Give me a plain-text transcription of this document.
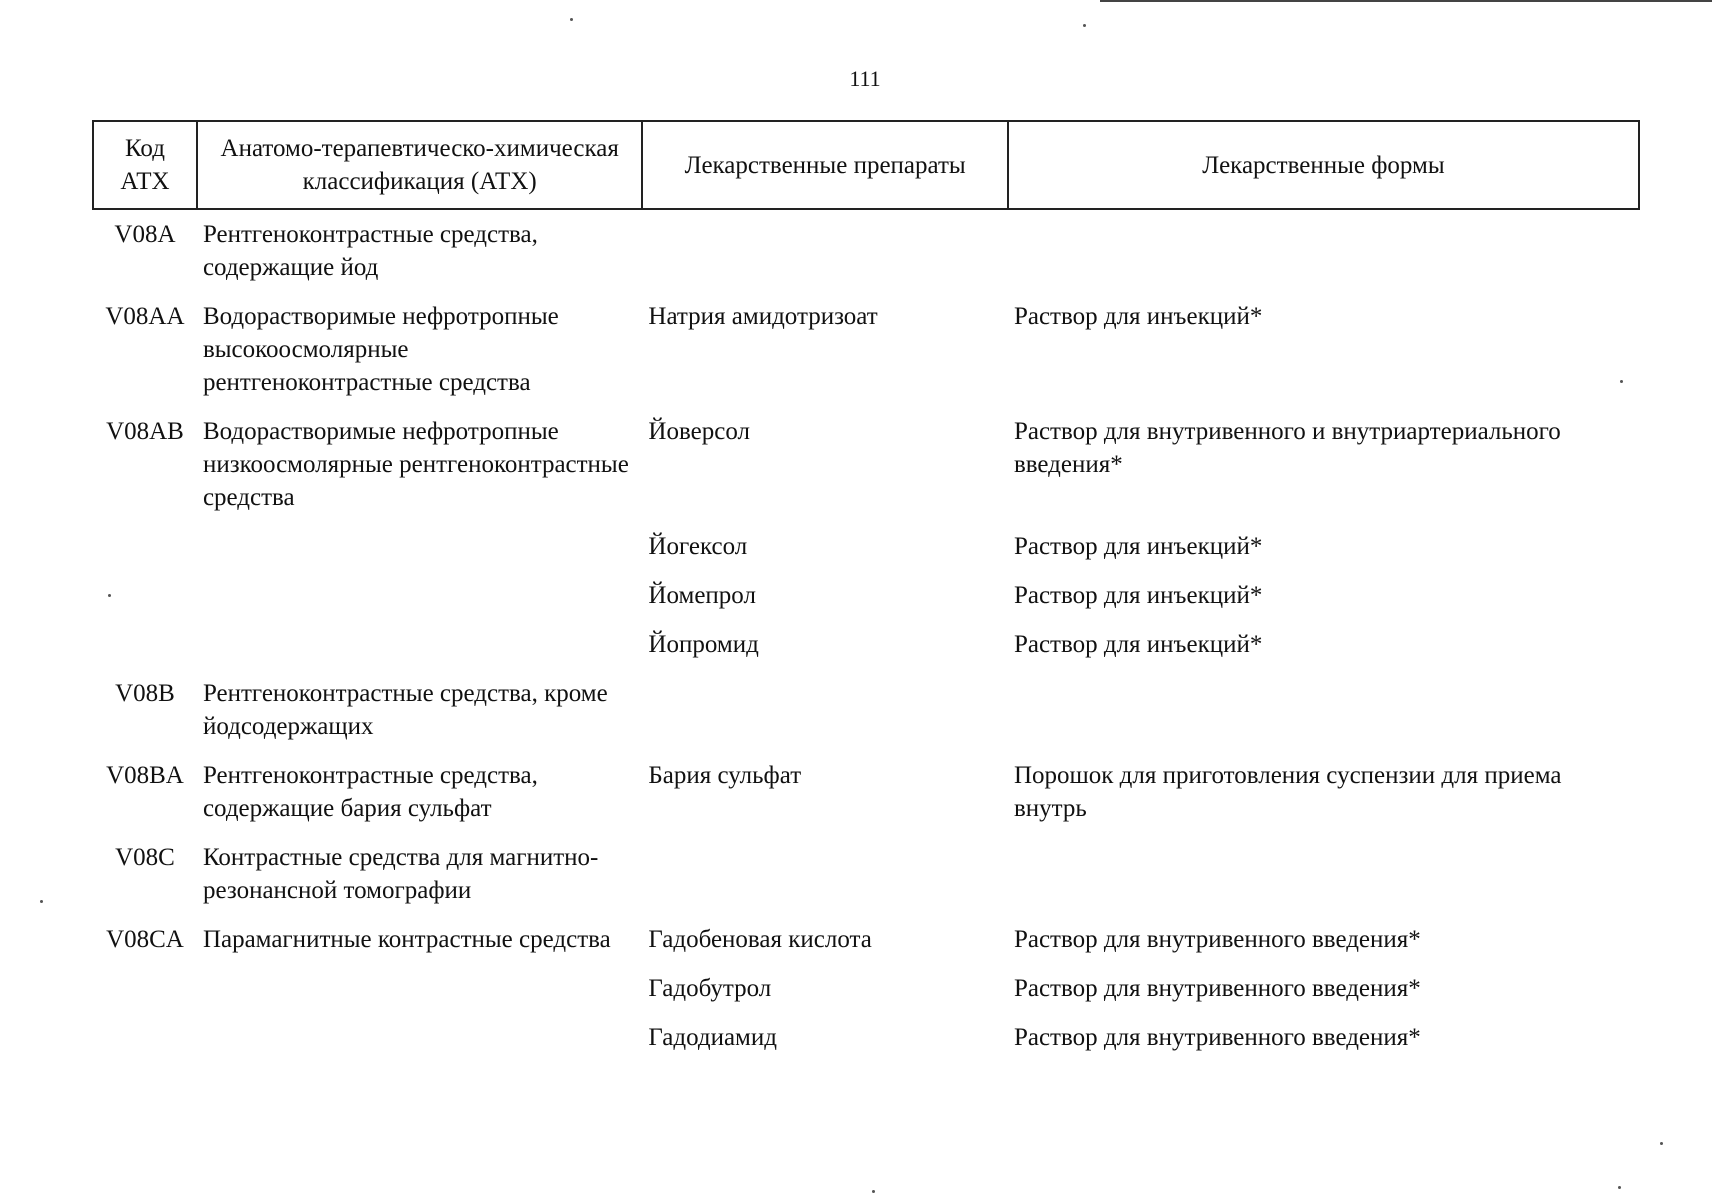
111
Код АТХ	Анатомо-терапевтическо-химическая классификация (АТХ)	Лекарственные препараты	Лекарственные формы
V08A	Рентгеноконтрастные средства, содержащие йод		
V08AA	Водорастворимые нефротропные высокоосмолярные рентгеноконтрастные средства	Натрия амидотризоат	Раствор для инъекций*
V08AB	Водорастворимые нефротропные низкоосмолярные рентгеноконтрастные средства	Йоверсол	Раствор для внутривенного и внутриартериального введения*
		Йогексол	Раствор для инъекций*
		Йомепрол	Раствор для инъекций*
		Йопромид	Раствор для инъекций*
V08B	Рентгеноконтрастные средства, кроме йодсодержащих		
V08BA	Рентгеноконтрастные средства, содержащие бария сульфат	Бария сульфат	Порошок для приготовления суспензии для приема внутрь
V08C	Контрастные средства для магнитно-резонансной томографии		
V08CA	Парамагнитные контрастные средства	Гадобеновая кислота	Раствор для внутривенного введения*
		Гадобутрол	Раствор для внутривенного введения*
		Гадодиамид	Раствор для внутривенного введения*
